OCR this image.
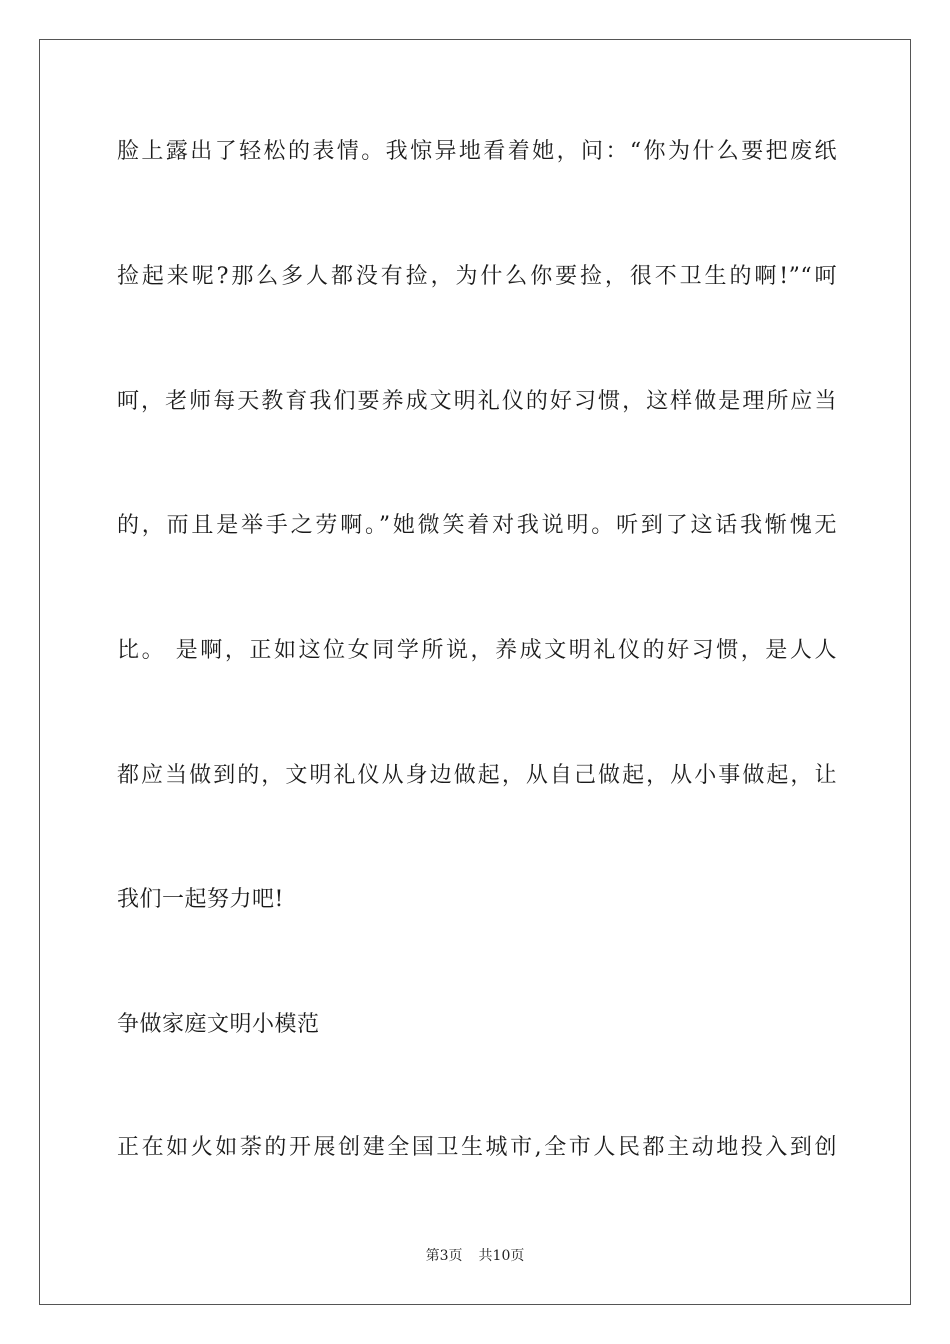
脸上露出了轻松的表情。我惊异地看着她，问：“你为什么要把废纸
捡起来呢?那么多人都没有捡，为什么你要捡，很不卫生的啊!”“呵
呵，老师每天教育我们要养成文明礼仪的好习惯，这样做是理所应当
的，而且是举手之劳啊。”她微笑着对我说明。听到了这话我惭愧无
比。 是啊，正如这位女同学所说，养成文明礼仪的好习惯，是人人
都应当做到的，文明礼仪从身边做起，从自己做起，从小事做起，让
我们一起努力吧!
争做家庭文明小模范
正在如火如荼的开展创建全国卫生城市,全市人民都主动地投入到创
第3页 共10页
